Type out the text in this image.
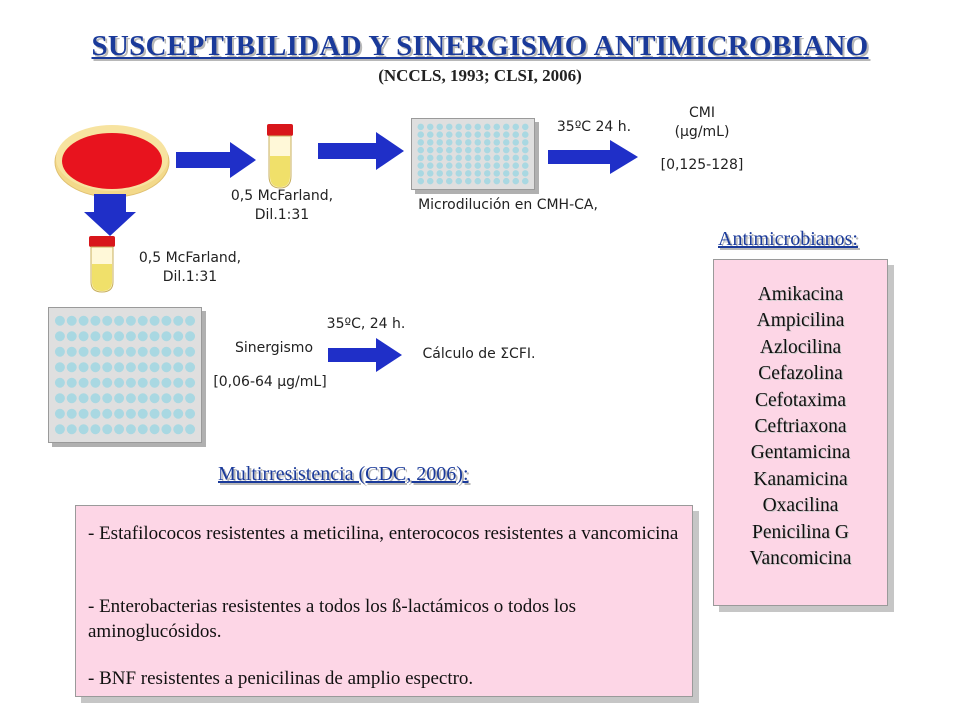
SUSCEPTIBILIDAD Y SINERGISMO ANTIMICROBIANO
(NCCLS, 1993; CLSI, 2006)
0,5 McFarland,
Dil.1:31
Microdilución en CMH-CA,
35ºC 24 h.
CMI
(µg/mL)
[0,125-128]
0,5 McFarland,
Dil.1:31
Sinergismo
[0,06-64 µg/mL]
35ºC, 24 h.
Cálculo de ΣCFI.
Antimicrobianos:
Amikacina
Ampicilina
Azlocilina
Cefazolina
Cefotaxima
Ceftriaxona
Gentamicina
Kanamicina
Oxacilina
Penicilina G
Vancomicina
Multirresistencia (CDC, 2006):

- Estafilococos resistentes a meticilina, enterococos resistentes a vancomicina

- Enterobacterias resistentes a todos los ß-lactámicos o todos los aminoglucósidos.

- BNF resistentes a penicilinas de amplio espectro.
